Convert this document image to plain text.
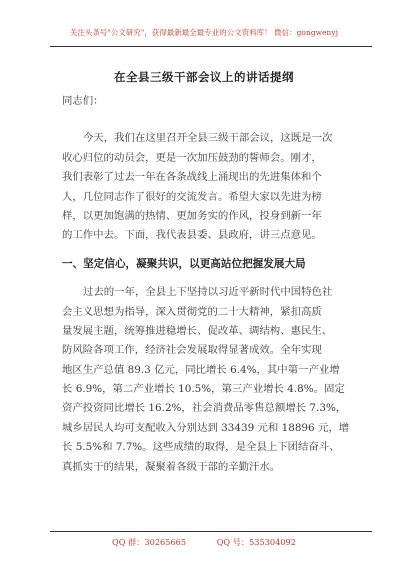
关注头条号"公文研究"，获得最新最全最专业的公文资料库！ 微信：gongwenyj
在全县三级干部会议上的讲话提纲

同志们：

今天，我们在这里召开全县三级干部会议，这既是一次
收心归位的动员会，更是一次加压鼓劲的誓师会。刚才，
我们表彰了过去一年在各条战线上涌现出的先进集体和个
人，几位同志作了很好的交流发言。希望大家以先进为榜
样，以更加饱满的热情、更加务实的作风，投身到新一年
的工作中去。下面，我代表县委、县政府，讲三点意见。

一、坚定信心，凝聚共识，以更高站位把握发展大局

过去的一年，全县上下坚持以习近平新时代中国特色社
会主义思想为指导，深入贯彻党的二十大精神，紧扣高质
量发展主题，统筹推进稳增长、促改革、调结构、惠民生、
防风险各项工作，经济社会发展取得显著成效。全年实现
地区生产总值 89.3 亿元，同比增长 6.4%，其中第一产业增
长 6.9%，第二产业增长 10.5%，第三产业增长 4.8%。固定
资产投资同比增长 16.2%，社会消费品零售总额增长 7.3%，
城乡居民人均可支配收入分别达到 33439 元和 18896 元，增
长 5.5%和 7.7%。这些成绩的取得，是全县上下团结奋斗、
真抓实干的结果，凝聚着各级干部的辛勤汗水。

QQ 群：30265665	QQ 号：535304092
